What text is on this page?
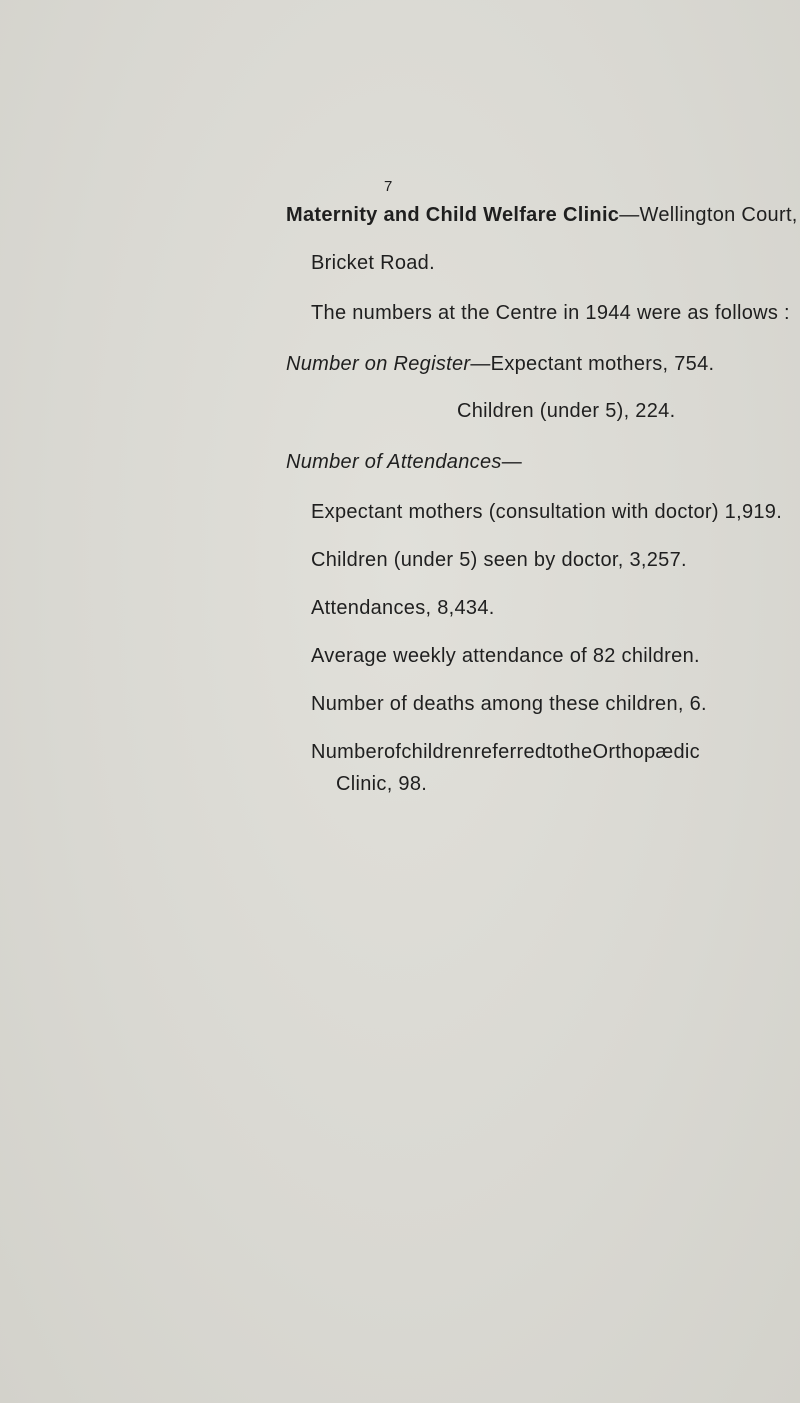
7
Maternity and Child Welfare Clinic—Wellington Court,
Bricket Road.
The numbers at the Centre in 1944 were as follows :
Number on Register—Expectant mothers, 754.
Children (under 5), 224.
Number of Attendances—
Expectant mothers (consultation with doctor) 1,919.
Children (under 5) seen by doctor, 3,257.
Attendances, 8,434.
Average weekly attendance of 82 children.
Number of deaths among these children, 6.
Number of children referred to the Orthopædic
Clinic, 98.
